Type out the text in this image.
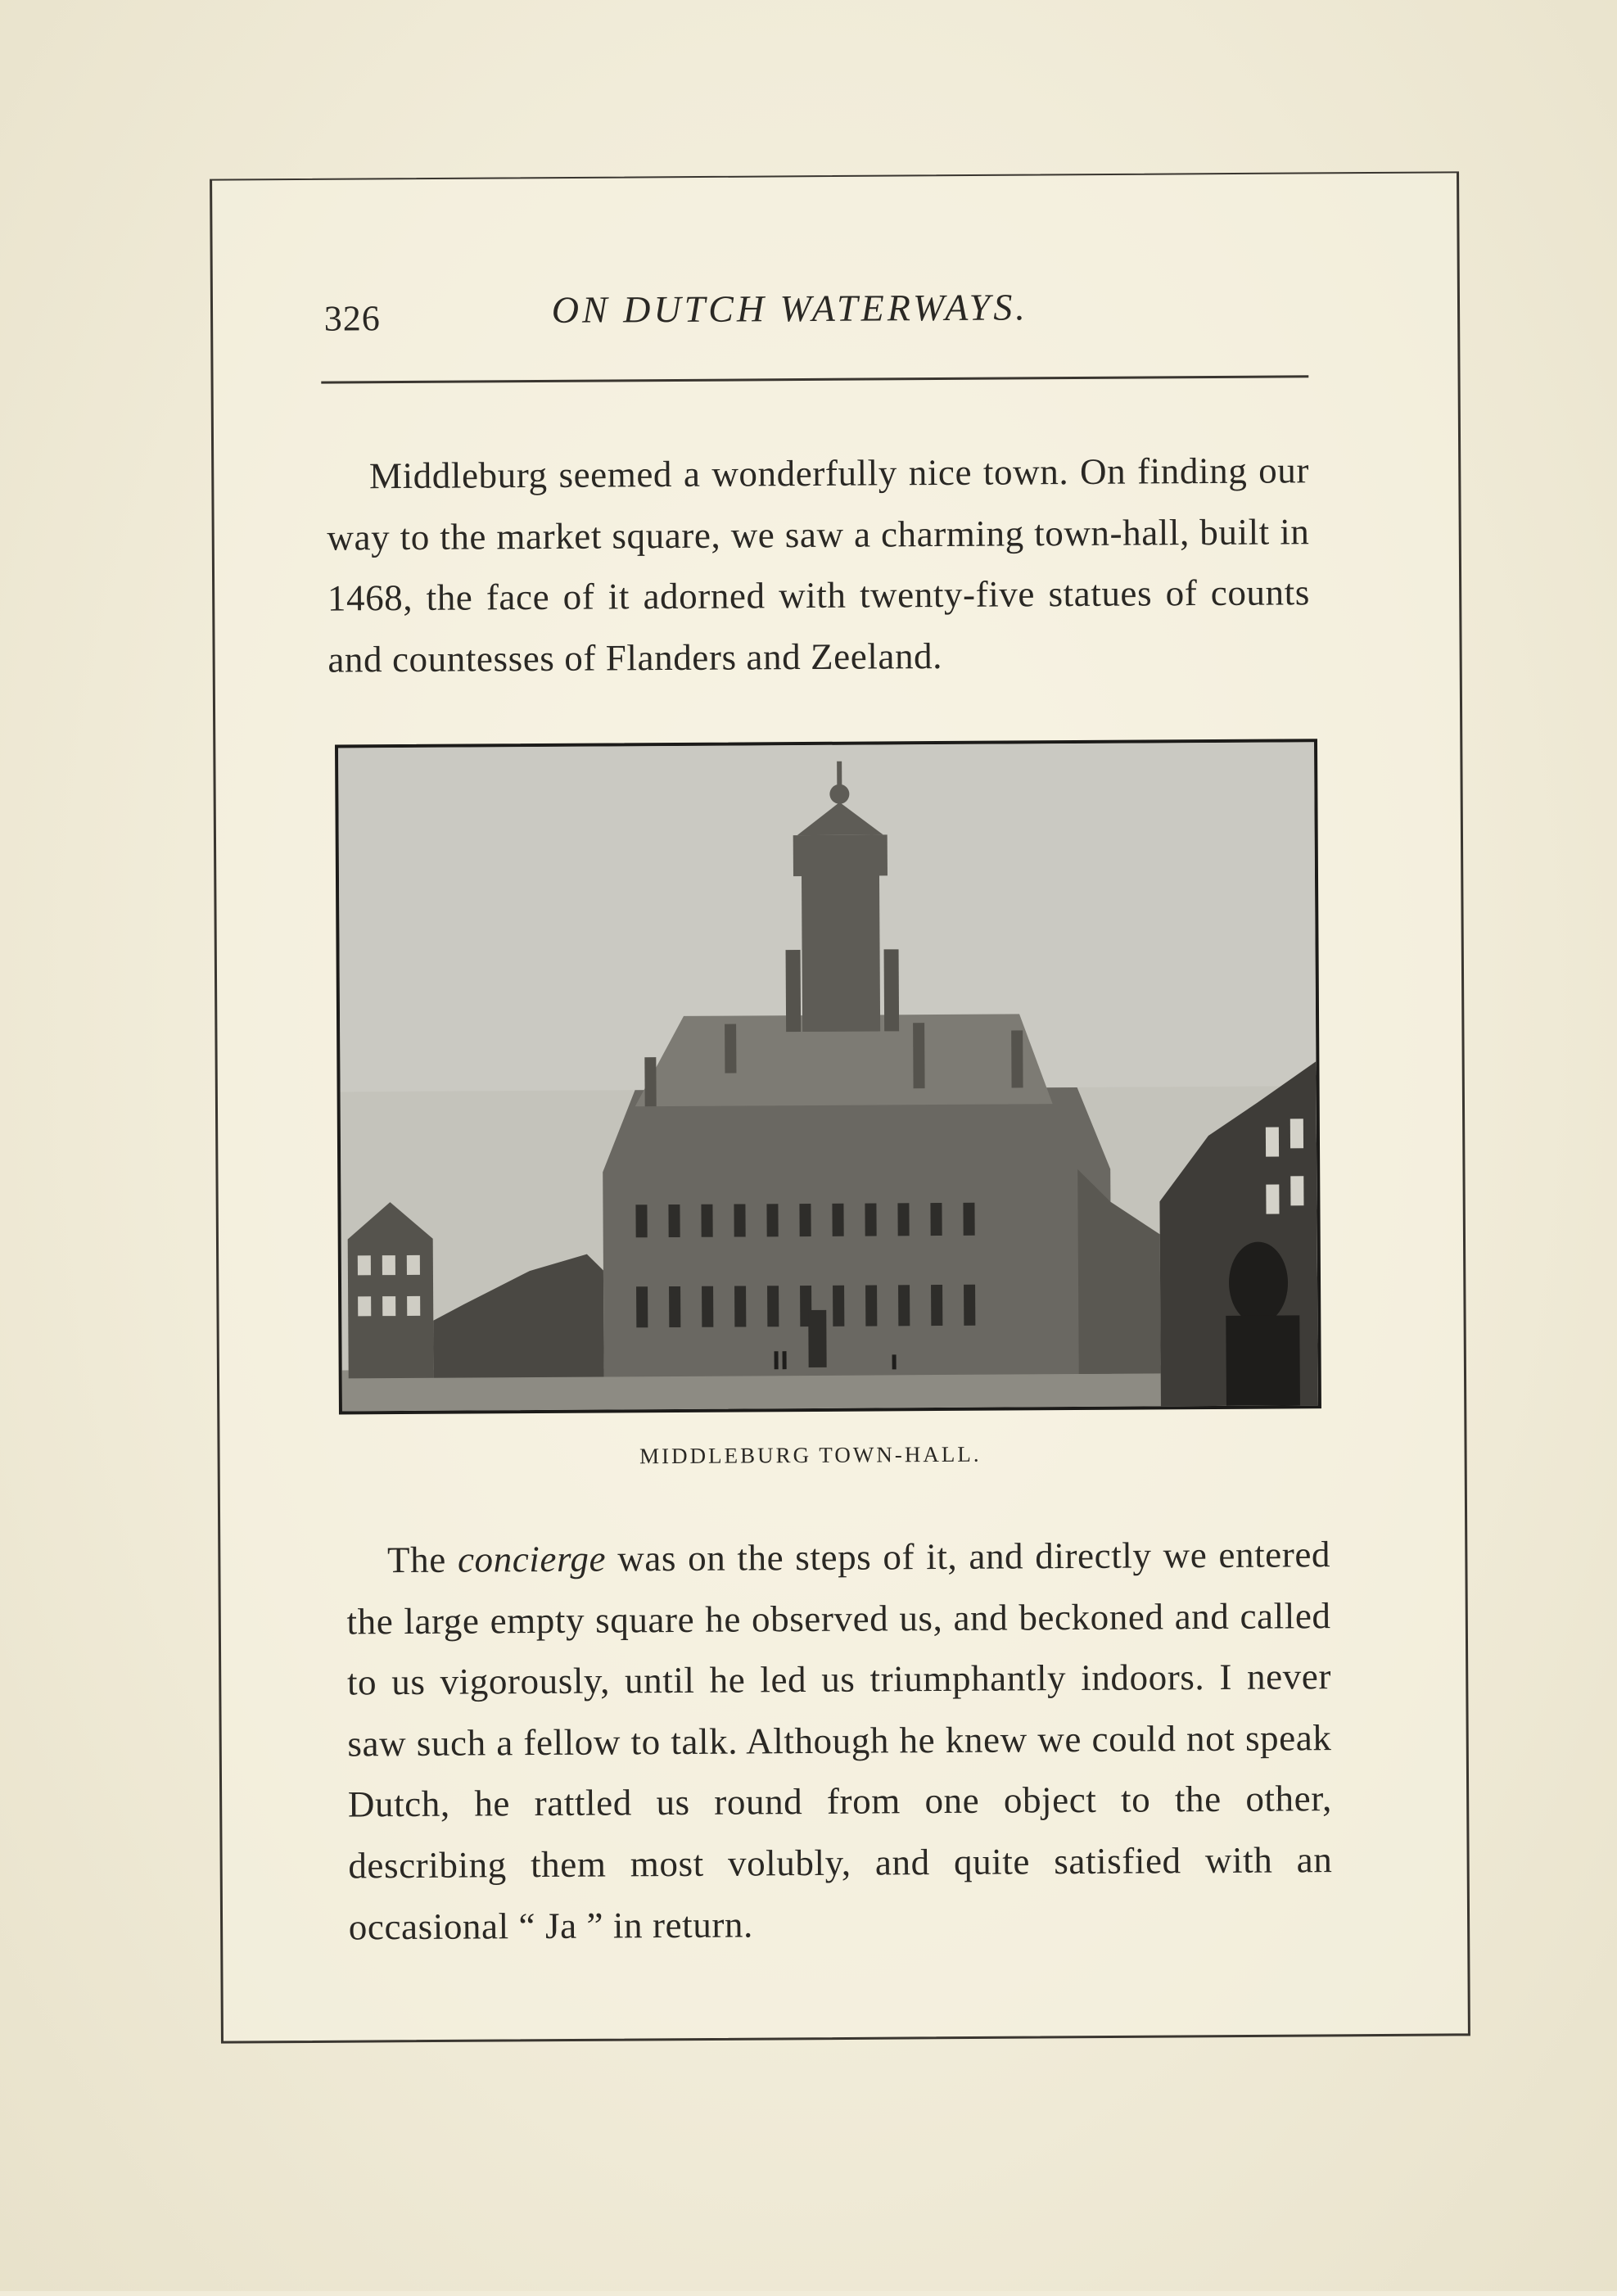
326	ON DUTCH WATERWAYS.

Middleburg seemed a wonderfully nice town. On finding our way to the market square, we saw a charming town-hall, built in 1468, the face of it adorned with twenty-five statues of counts and countesses of Flanders and Zeeland.

MIDDLEBURG TOWN-HALL.

The concierge was on the steps of it, and directly we entered the large empty square he observed us, and beckoned and called to us vigorously, until he led us triumphantly indoors. I never saw such a fellow to talk. Although he knew we could not speak Dutch, he rattled us round from one object to the other, describing them most volubly, and quite satisfied with an occasional “ Ja ” in return.
